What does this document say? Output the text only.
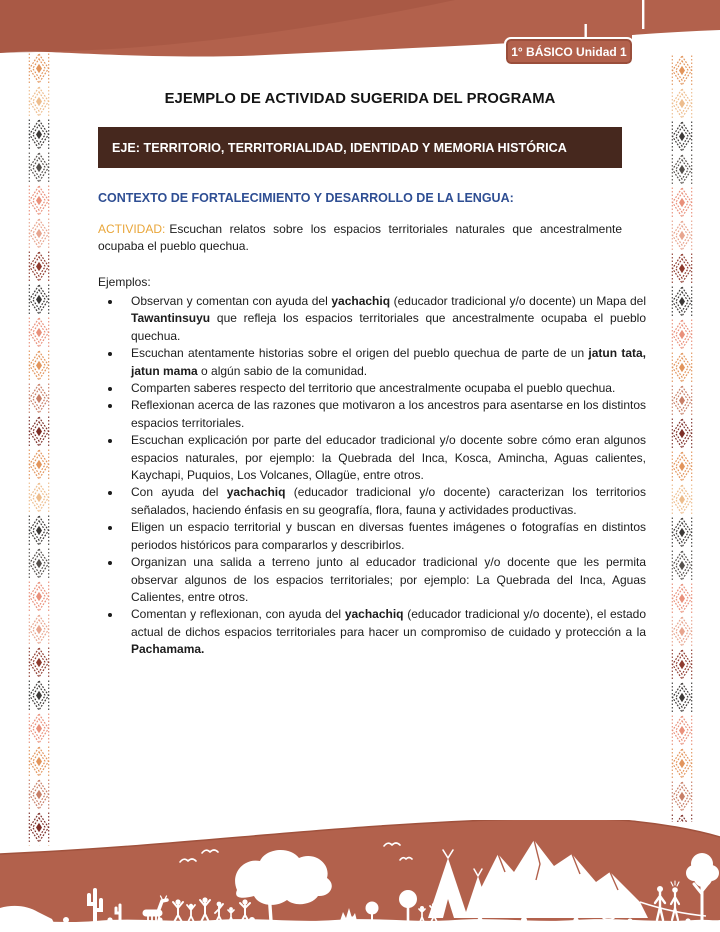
1° BÁSICO Unidad 1
EJEMPLO DE ACTIVIDAD SUGERIDA DEL PROGRAMA
EJE: TERRITORIO, TERRITORIALIDAD, IDENTIDAD Y MEMORIA HISTÓRICA
CONTEXTO DE FORTALECIMIENTO Y DESARROLLO DE LA LENGUA:

ACTIVIDAD: Escuchan relatos sobre los espacios territoriales naturales que ancestralmente ocupaba el pueblo quechua.

Ejemplos:
• Observan y comentan con ayuda del yachachiq (educador tradicional y/o docente) un Mapa del Tawantinsuyu que refleja los espacios territoriales que ancestralmente ocupaba el pueblo quechua.
• Escuchan atentamente historias sobre el origen del pueblo quechua de parte de un jatun tata, jatun mama o algún sabio de la comunidad.
• Comparten saberes respecto del territorio que ancestralmente ocupaba el pueblo quechua.
• Reflexionan acerca de las razones que motivaron a los ancestros para asentarse en los distintos espacios territoriales.
• Escuchan explicación por parte del educador tradicional y/o docente sobre cómo eran algunos espacios naturales, por ejemplo: la Quebrada del Inca, Kosca, Amincha, Aguas calientes, Kaychapi, Puquios, Los Volcanes, Ollagüe, entre otros.
• Con ayuda del yachachiq (educador tradicional y/o docente) caracterizan los territorios señalados, haciendo énfasis en su geografía, flora, fauna y actividades productivas.
• Eligen un espacio territorial y buscan en diversas fuentes imágenes o fotografías en distintos periodos históricos para compararlos y describirlos.
• Organizan una salida a terreno junto al educador tradicional y/o docente que les permita observar algunos de los espacios territoriales; por ejemplo: La Quebrada del Inca, Aguas Calientes, entre otros.
• Comentan y reflexionan, con ayuda del yachachiq (educador tradicional y/o docente), el estado actual de dichos espacios territoriales para hacer un compromiso de cuidado y protección a la Pachamama.
